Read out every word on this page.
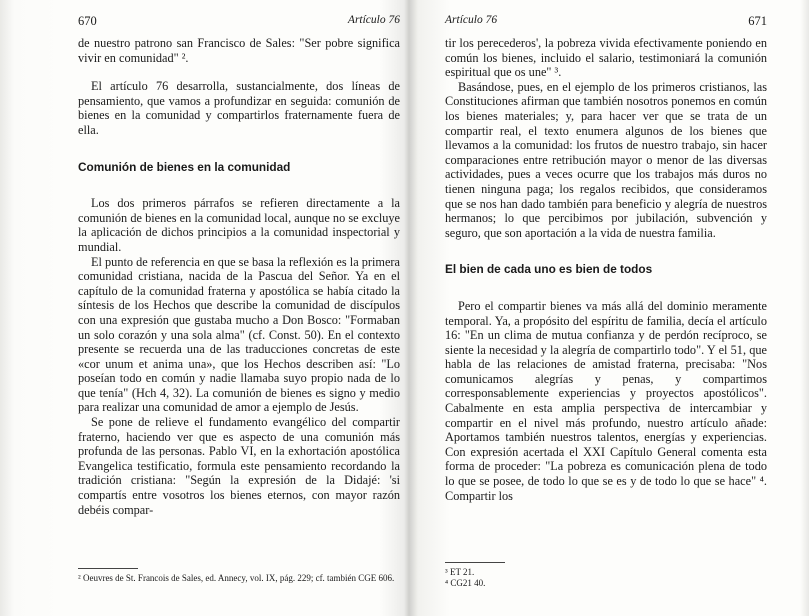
670	Artículo 76

de nuestro patrono san Francisco de Sales: "Ser pobre significa vivir en comunidad" ².

El artículo 76 desarrolla, sustancialmente, dos líneas de pensamiento, que vamos a profundizar en seguida: comunión de bienes en la comunidad y compartirlos fraternamente fuera de ella.

Comunión de bienes en la comunidad

Los dos primeros párrafos se refieren directamente a la comunión de bienes en la comunidad local, aunque no se excluye la aplicación de dichos principios a la comunidad inspectorial y mundial.

El punto de referencia en que se basa la reflexión es la primera comunidad cristiana, nacida de la Pascua del Señor. Ya en el capítulo de la comunidad fraterna y apostólica se había citado la síntesis de los Hechos que describe la comunidad de discípulos con una expresión que gustaba mucho a Don Bosco: "Formaban un solo corazón y una sola alma" (cf. Const. 50). En el contexto presente se recuerda una de las traducciones concretas de este «cor unum et anima una», que los Hechos describen así: "Lo poseían todo en común y nadie llamaba suyo propio nada de lo que tenía" (Hch 4, 32). La comunión de bienes es signo y medio para realizar una comunidad de amor a ejemplo de Jesús.

Se pone de relieve el fundamento evangélico del compartir fraterno, haciendo ver que es aspecto de una comunión más profunda de las personas. Pablo VI, en la exhortación apostólica Evangelica testificatio, formula este pensamiento recordando la tradición cristiana: "Según la expresión de la Didajé: 'si compartís entre vosotros los bienes eternos, con mayor razón debéis compar-

² Oeuvres de St. Francois de Sales, ed. Annecy, vol. IX, pág. 229; cf. también CGE 606.

Artículo 76	671

tir los perecederos', la pobreza vivida efectivamente poniendo en común los bienes, incluido el salario, testimoniará la comunión espiritual que os une" ³.

Basándose, pues, en el ejemplo de los primeros cristianos, las Constituciones afirman que también nosotros ponemos en común los bienes materiales; y, para hacer ver que se trata de un compartir real, el texto enumera algunos de los bienes que llevamos a la comunidad: los frutos de nuestro trabajo, sin hacer comparaciones entre retribución mayor o menor de las diversas actividades, pues a veces ocurre que los trabajos más duros no tienen ninguna paga; los regalos recibidos, que consideramos que se nos han dado también para beneficio y alegría de nuestros hermanos; lo que percibimos por jubilación, subvención y seguro, que son aportación a la vida de nuestra familia.

El bien de cada uno es bien de todos

Pero el compartir bienes va más allá del dominio meramente temporal. Ya, a propósito del espíritu de familia, decía el artículo 16: "En un clima de mutua confianza y de perdón recíproco, se siente la necesidad y la alegría de compartirlo todo". Y el 51, que habla de las relaciones de amistad fraterna, precisaba: "Nos comunicamos alegrías y penas, y compartimos corresponsablemente experiencias y proyectos apostólicos". Cabalmente en esta amplia perspectiva de intercambiar y compartir en el nivel más profundo, nuestro artículo añade: Aportamos también nuestros talentos, energías y experiencias. Con expresión acertada el XXI Capítulo General comenta esta forma de proceder: "La pobreza es comunicación plena de todo lo que se posee, de todo lo que se es y de todo lo que se hace" ⁴. Compartir los

³ ET 21.

⁴ CG21 40.
